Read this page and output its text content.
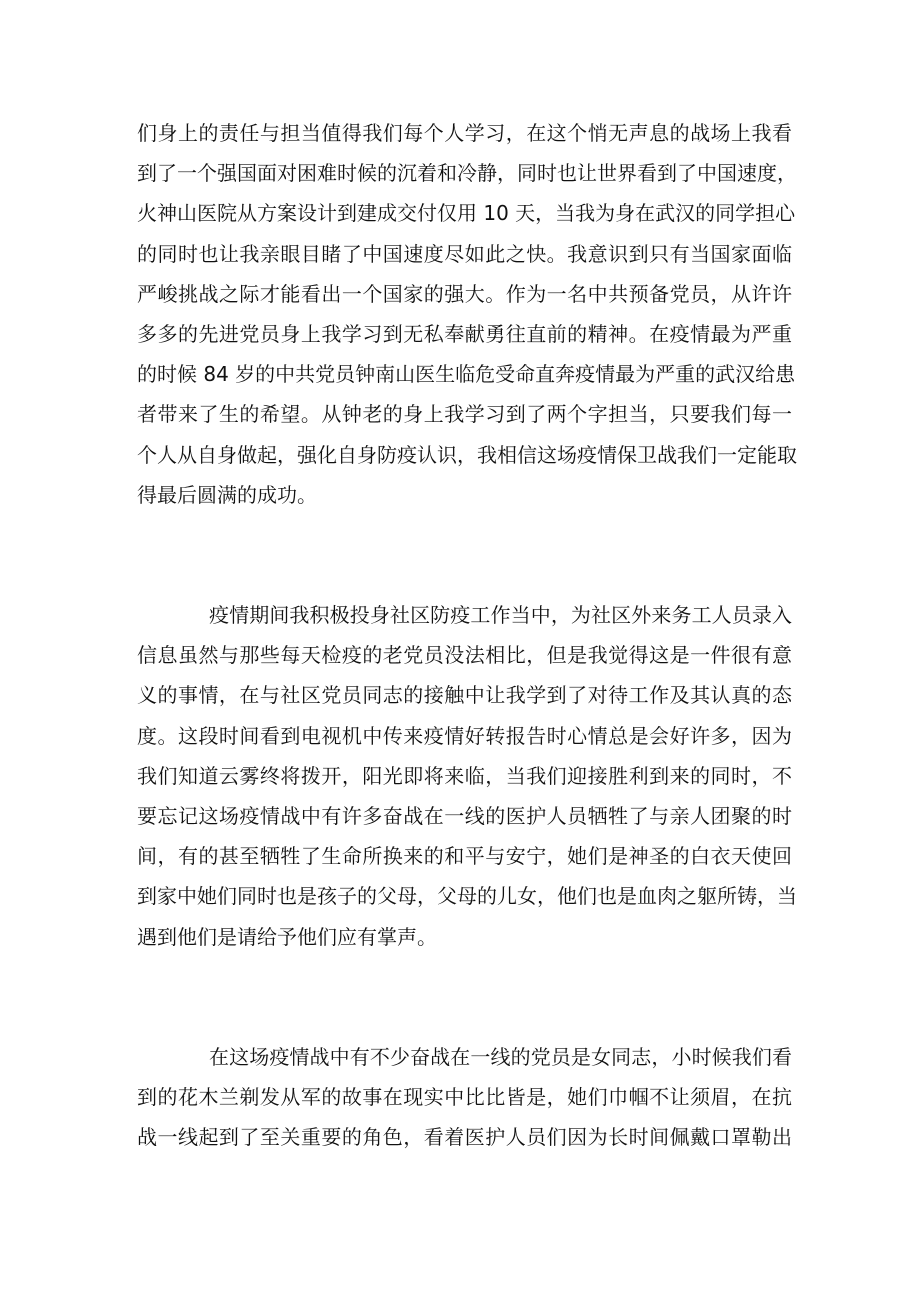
们身上的责任与担当值得我们每个人学习，在这个悄无声息的战场上我看
到了一个强国面对困难时候的沉着和冷静，同时也让世界看到了中国速度，
火神山医院从方案设计到建成交付仅用 10 天，当我为身在武汉的同学担心
的同时也让我亲眼目睹了中国速度尽如此之快。我意识到只有当国家面临
严峻挑战之际才能看出一个国家的强大。作为一名中共预备党员，从许许
多多的先进党员身上我学习到无私奉献勇往直前的精神。在疫情最为严重
的时候 84 岁的中共党员钟南山医生临危受命直奔疫情最为严重的武汉给患
者带来了生的希望。从钟老的身上我学习到了两个字担当，只要我们每一
个人从自身做起，强化自身防疫认识，我相信这场疫情保卫战我们一定能取
得最后圆满的成功。
疫情期间我积极投身社区防疫工作当中，为社区外来务工人员录入
信息虽然与那些每天检疫的老党员没法相比，但是我觉得这是一件很有意
义的事情，在与社区党员同志的接触中让我学到了对待工作及其认真的态
度。这段时间看到电视机中传来疫情好转报告时心情总是会好许多，因为
我们知道云雾终将拨开，阳光即将来临，当我们迎接胜利到来的同时，不
要忘记这场疫情战中有许多奋战在一线的医护人员牺牲了与亲人团聚的时
间，有的甚至牺牲了生命所换来的和平与安宁，她们是神圣的白衣天使回
到家中她们同时也是孩子的父母，父母的儿女，他们也是血肉之躯所铸，当
遇到他们是请给予他们应有掌声。
在这场疫情战中有不少奋战在一线的党员是女同志，小时候我们看
到的花木兰剃发从军的故事在现实中比比皆是，她们巾帼不让须眉，在抗
战一线起到了至关重要的角色，看着医护人员们因为长时间佩戴口罩勒出
